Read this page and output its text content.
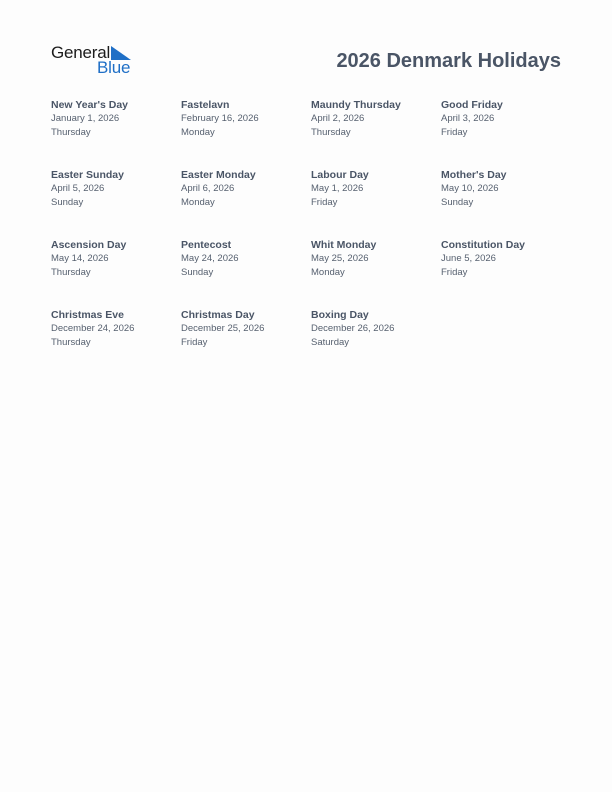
General
Blue	2026 Denmark Holidays
New Year's Day
January 1, 2026
Thursday
Fastelavn
February 16, 2026
Monday
Maundy Thursday
April 2, 2026
Thursday
Good Friday
April 3, 2026
Friday
Easter Sunday
April 5, 2026
Sunday
Easter Monday
April 6, 2026
Monday
Labour Day
May 1, 2026
Friday
Mother's Day
May 10, 2026
Sunday
Ascension Day
May 14, 2026
Thursday
Pentecost
May 24, 2026
Sunday
Whit Monday
May 25, 2026
Monday
Constitution Day
June 5, 2026
Friday
Christmas Eve
December 24, 2026
Thursday
Christmas Day
December 25, 2026
Friday
Boxing Day
December 26, 2026
Saturday
